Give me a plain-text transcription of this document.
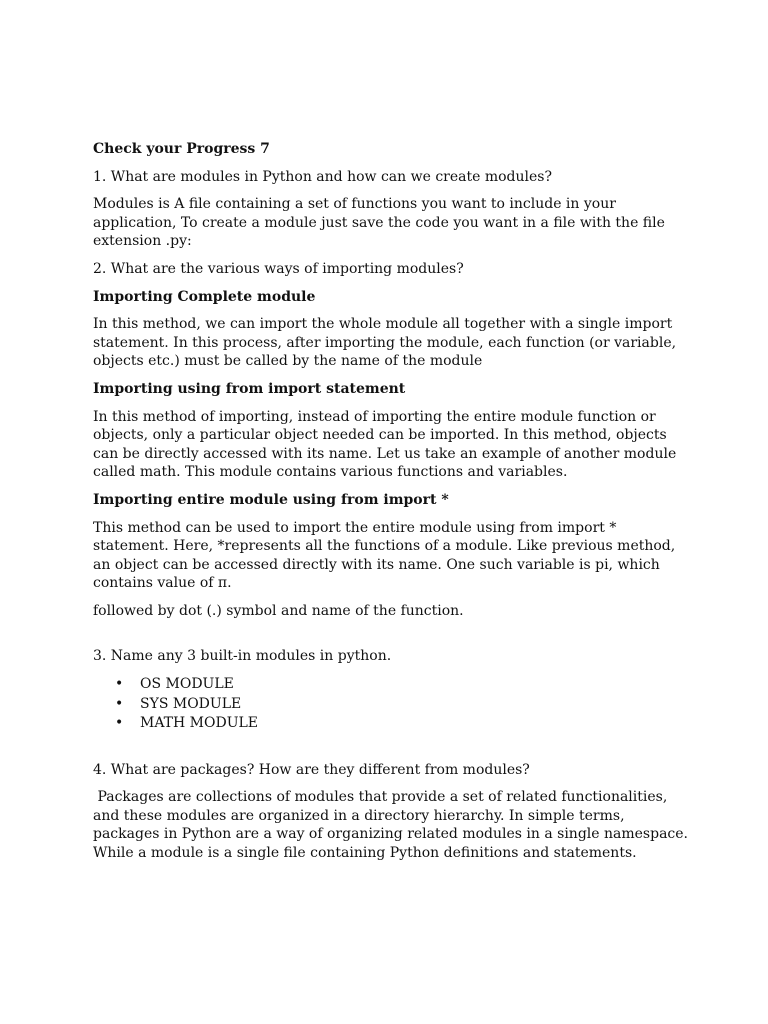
Check your Progress 7

1. What are modules in Python and how can we create modules?

Modules is A file containing a set of functions you want to include in your application, To create a module just save the code you want in a file with the file extension .py:

2. What are the various ways of importing modules?

Importing Complete module

In this method, we can import the whole module all together with a single import statement. In this process, after importing the module, each function (or variable, objects etc.) must be called by the name of the module

Importing using from import statement

In this method of importing, instead of importing the entire module function or objects, only a particular object needed can be imported. In this method, objects can be directly accessed with its name. Let us take an example of another module called math. This module contains various functions and variables.

Importing entire module using from import *

This method can be used to import the entire module using from import * statement. Here, *represents all the functions of a module. Like previous method, an object can be accessed directly with its name. One such variable is pi, which contains value of π.

followed by dot (.) symbol and name of the function.

3. Name any 3 built-in modules in python.

• OS MODULE
• SYS MODULE
• MATH MODULE

4. What are packages? How are they different from modules?

Packages are collections of modules that provide a set of related functionalities, and these modules are organized in a directory hierarchy. In simple terms, packages in Python are a way of organizing related modules in a single namespace. While a module is a single file containing Python definitions and statements.
